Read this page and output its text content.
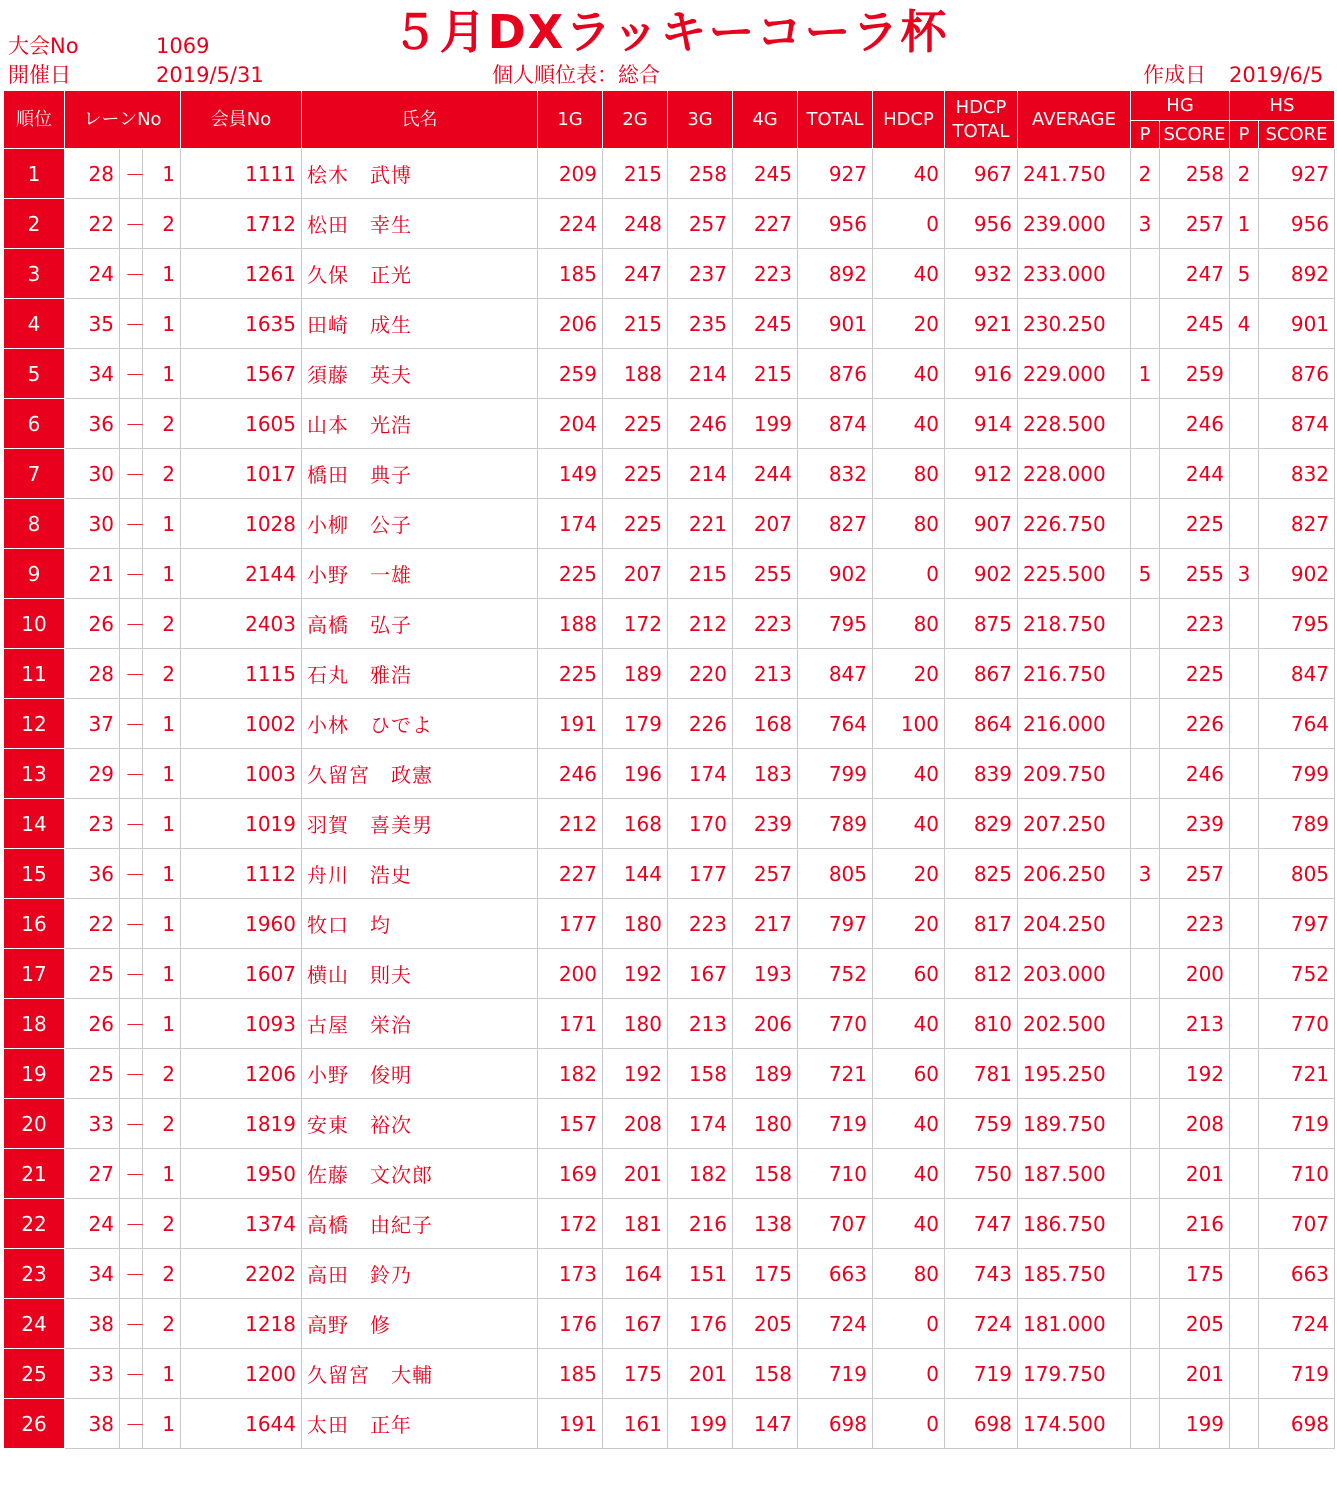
大会No	1069
開催日	2019/5/31
５月DXラッキーコーラ杯
個人順位表：総合	作成日 2019/6/5
順位	レーンNo			会員No	氏名	1G	2G	3G	4G	TOTAL	HDCP	HDCP
TOTAL	AVERAGE	HG		HS	
														P	SCORE	P	SCORE
1	28	－	1	1111	桧木　武博	209	215	258	245	927	40	967	241.750	2	258	2	927
2	22	－	2	1712	松田　幸生	224	248	257	227	956	0	956	239.000	3	257	1	956
3	24	－	1	1261	久保　正光	185	247	237	223	892	40	932	233.000		247	5	892
4	35	－	1	1635	田崎　成生	206	215	235	245	901	20	921	230.250		245	4	901
5	34	－	1	1567	須藤　英夫	259	188	214	215	876	40	916	229.000	1	259		876
6	36	－	2	1605	山本　光浩	204	225	246	199	874	40	914	228.500		246		874
7	30	－	2	1017	橋田　典子	149	225	214	244	832	80	912	228.000		244		832
8	30	－	1	1028	小柳　公子	174	225	221	207	827	80	907	226.750		225		827
9	21	－	1	2144	小野　一雄	225	207	215	255	902	0	902	225.500	5	255	3	902
10	26	－	2	2403	高橋　弘子	188	172	212	223	795	80	875	218.750		223		795
11	28	－	2	1115	石丸　雅浩	225	189	220	213	847	20	867	216.750		225		847
12	37	－	1	1002	小林　ひでよ	191	179	226	168	764	100	864	216.000		226		764
13	29	－	1	1003	久留宮　政憲	246	196	174	183	799	40	839	209.750		246		799
14	23	－	1	1019	羽賀　喜美男	212	168	170	239	789	40	829	207.250		239		789
15	36	－	1	1112	舟川　浩史	227	144	177	257	805	20	825	206.250	3	257		805
16	22	－	1	1960	牧口　均	177	180	223	217	797	20	817	204.250		223		797
17	25	－	1	1607	横山　則夫	200	192	167	193	752	60	812	203.000		200		752
18	26	－	1	1093	古屋　栄治	171	180	213	206	770	40	810	202.500		213		770
19	25	－	2	1206	小野　俊明	182	192	158	189	721	60	781	195.250		192		721
20	33	－	2	1819	安東　裕次	157	208	174	180	719	40	759	189.750		208		719
21	27	－	1	1950	佐藤　文次郎	169	201	182	158	710	40	750	187.500		201		710
22	24	－	2	1374	高橋　由紀子	172	181	216	138	707	40	747	186.750		216		707
23	34	－	2	2202	高田　鈴乃	173	164	151	175	663	80	743	185.750		175		663
24	38	－	2	1218	高野　修	176	167	176	205	724	0	724	181.000		205		724
25	33	－	1	1200	久留宮　大輔	185	175	201	158	719	0	719	179.750		201		719
26	38	－	1	1644	太田　正年	191	161	199	147	698	0	698	174.500		199		698
